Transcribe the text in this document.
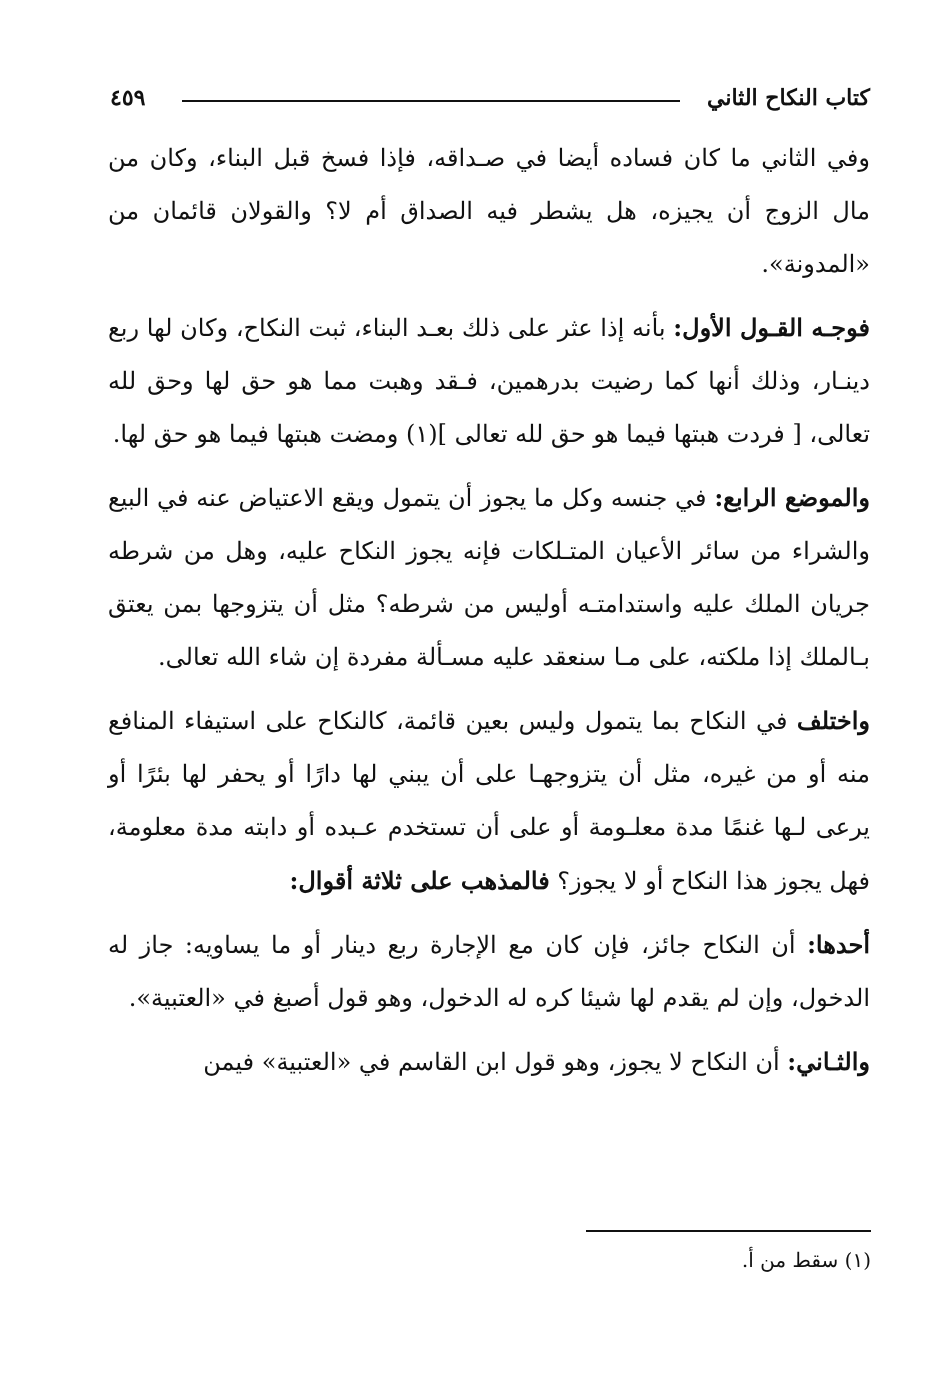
كتاب النكاح الثاني
٤٥٩

وفي الثاني ما كان فساده أيضا في صـداقه، فإذا فسخ قبل البناء، وكان من مال الزوج أن يجيزه، هل يشطر فيه الصداق أم لا؟ والقولان قائمان من «المدونة».

فوجـه القـول الأول: بأنه إذا عثر على ذلك بعـد البناء، ثبت النكاح، وكان لها ربع دينـار، وذلك أنها كما رضيت بدرهمين، فـقد وهبت مما هو حق لها وحق لله تعالى، [ فردت هبتها فيما هو حق لله تعالى ](١) ومضت هبتها فيما هو حق لها.

والموضع الرابع: في جنسه وكل ما يجوز أن يتمول ويقع الاعتياض عنه في البيع والشراء من سائر الأعيان المتـلكات فإنه يجوز النكاح عليه، وهل من شرطه جريان الملك عليه واستدامتـه أوليس من شرطه؟ مثل أن يتزوجها بمن يعتق بـالملك إذا ملكته، على مـا سنعقد عليه مسـألة مفردة إن شاء الله تعالى.

واختلف في النكاح بما يتمول وليس بعين قائمة، كالنكاح على استيفاء المنافع منه أو من غيره، مثل أن يتزوجهـا على أن يبني لها دارًا أو يحفر لها بئرًا أو يرعى لـها غنمًا مدة معلـومة أو على أن تستخدم عـبده أو دابته مدة معلومة، فهل يجوز هذا النكاح أو لا يجوز؟ فالمذهب على ثلاثة أقوال:

أحدها: أن النكاح جائز، فإن كان مع الإجارة ربع دينار أو ما يساويه: جاز له الدخول، وإن لم يقدم لها شيئا كره له الدخول، وهو قول أصبغ في «العتبية».

والثـاني: أن النكاح لا يجوز، وهو قول ابن القاسم في «العتبية» فيمن

(١) سقط من أ.
